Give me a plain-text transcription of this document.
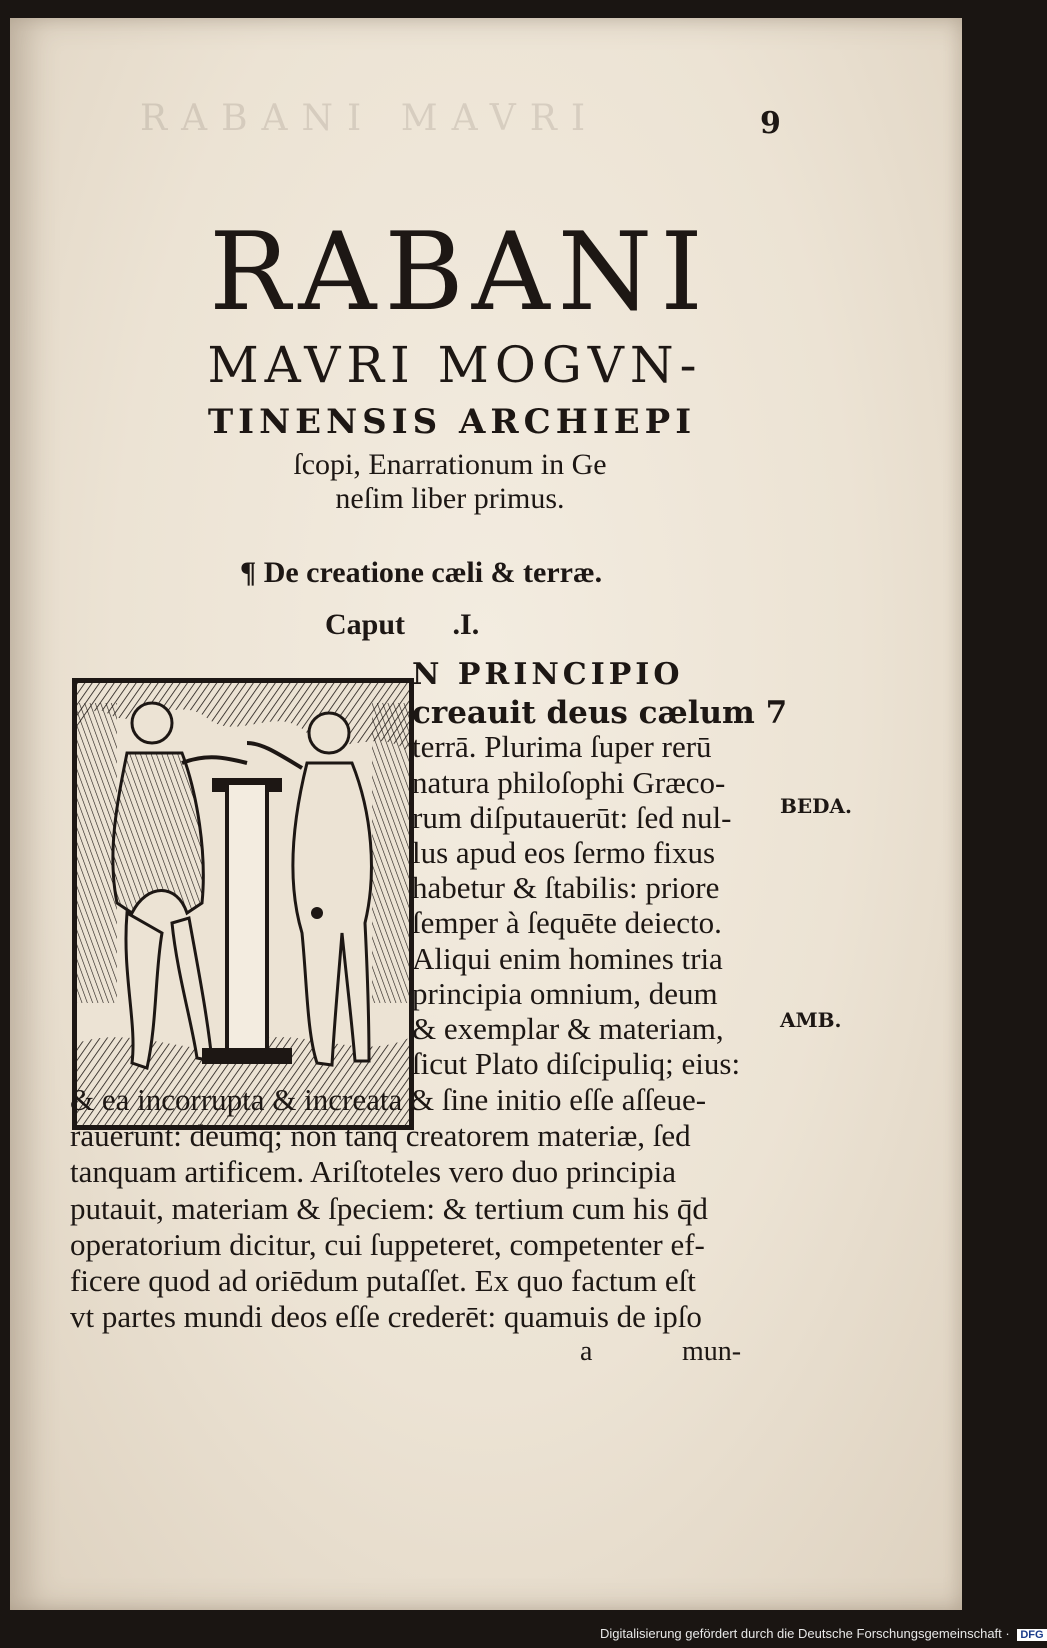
RABANI MAVRI	9
RABANI
MAVRI MOGVN-
TINENSIS ARCHIEPI
ſcopi, Enarrationum in Ge
neſim liber primus.
¶ De creatione cæli & terræ.
Caput .I.
N PRINCIPIO
creauit deus cælum 7
terrā. Plurima ſuper rerū
natura philoſophi Græco-
rum diſputauerūt: ſed nul-
lus apud eos ſermo fixus
habetur & ſtabilis: priore
ſemper à ſequēte deiecto.
Aliqui enim homines tria
principia omnium, deum
& exemplar & materiam,
ſicut Plato diſcipuliq; eius:
& ea incorrupta & increata & ſine initio eſſe aſſeue-
rauerunt: deumq; non tanq̄ creatorem materiæ, ſed
tanquam artificem. Ariſtoteles vero duo principia
putauit, materiam & ſpeciem: & tertium cum his q̄d
operatorium dicitur, cui ſuppeteret, competenter ef-
ficere quod ad oriēdum putaſſet. Ex quo factum eſt
vt partes mundi deos eſſe crederēt: quamuis de ipſo
a	mun-
BEDA.
AMB.
Digitalisierung gefördert durch die Deutsche Forschungsgemeinschaft · DFG
